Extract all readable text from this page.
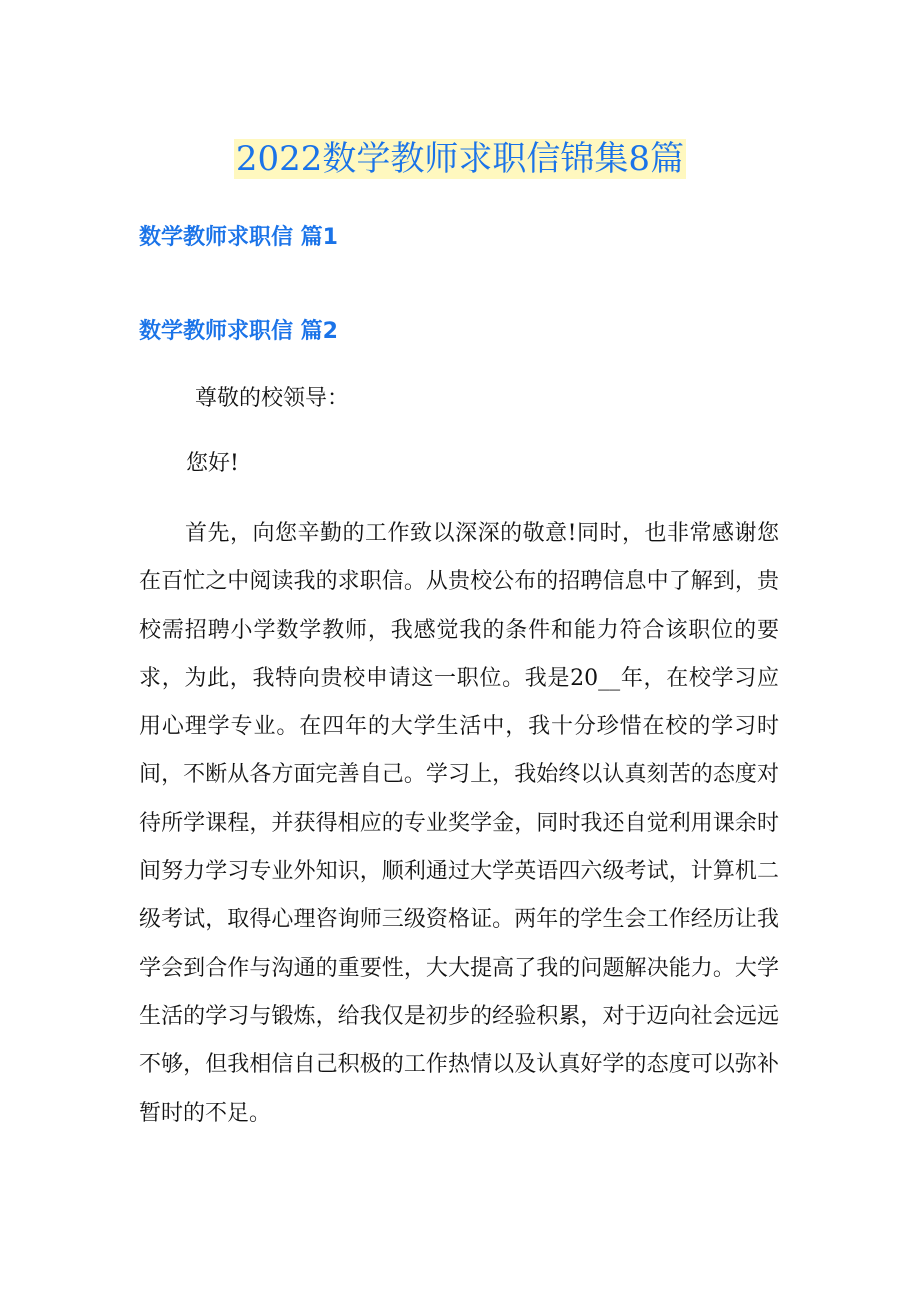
2022数学教师求职信锦集8篇
数学教师求职信 篇1
数学教师求职信 篇2
尊敬的校领导：
您好!

首先，向您辛勤的工作致以深深的敬意!同时，也非常感谢您在百忙之中阅读我的求职信。从贵校公布的招聘信息中了解到，贵校需招聘小学数学教师，我感觉我的条件和能力符合该职位的要求，为此，我特向贵校申请这一职位。我是20__年，在校学习应用心理学专业。在四年的大学生活中，我十分珍惜在校的学习时间，不断从各方面完善自己。学习上，我始终以认真刻苦的态度对待所学课程，并获得相应的专业奖学金，同时我还自觉利用课余时间努力学习专业外知识，顺利通过大学英语四六级考试，计算机二级考试，取得心理咨询师三级资格证。两年的学生会工作经历让我学会到合作与沟通的重要性，大大提高了我的问题解决能力。大学生活的学习与锻炼，给我仅是初步的经验积累，对于迈向社会远远不够，但我相信自己积极的工作热情以及认真好学的态度可以弥补暂时的不足。
